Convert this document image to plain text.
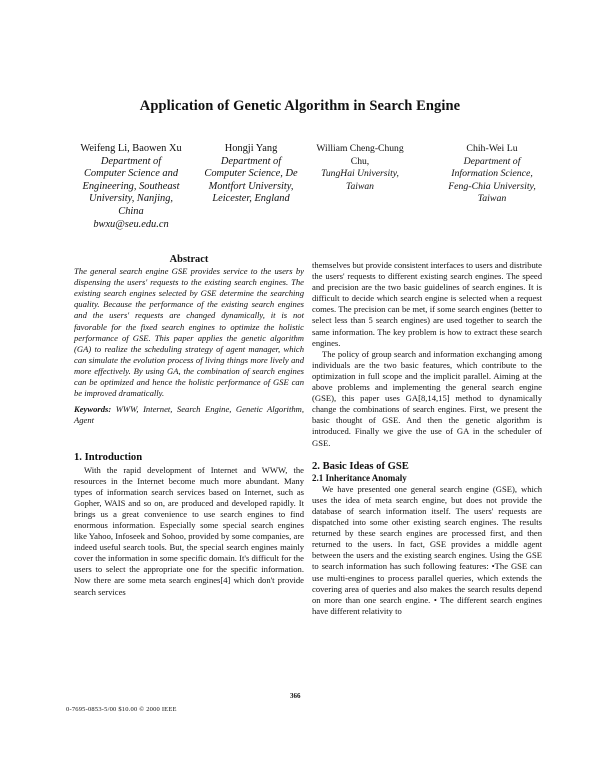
Application of Genetic Algorithm in Search Engine
Weifeng Li, Baowen Xu
Department of
Computer Science and
Engineering, Southeast
University, Nanjing,
China
bwxu@seu.edu.cn
Hongji Yang
Department of
Computer Science, De
Montfort University,
Leicester, England
William Cheng-Chung
Chu,
TungHai University,
Taiwan
Chih-Wei Lu
Department of
Information Science,
Feng-Chia University,
Taiwan
Abstract

The general search engine GSE provides service to the users by dispensing the users' requests to the existing search engines. The existing search engines selected by GSE determine the searching quality. Because the performance of the existing search engines and the users' requests are changed dynamically, it is not favorable for the fixed search engines to optimize the holistic performance of GSE. This paper applies the genetic algorithm (GA) to realize the scheduling strategy of agent manager, which can simulate the evolution process of living things more lively and more effectively. By using GA, the combination of search engines can be optimized and hence the holistic performance of GSE can be improved dramatically.

Keywords: WWW, Internet, Search Engine, Genetic Algorithm, Agent

1. Introduction

With the rapid development of Internet and WWW, the resources in the Internet become much more abundant. Many types of information search services based on Internet, such as Gopher, WAIS and so on, are produced and developed rapidly. It brings us a great convenience to use search engines to find enormous information. Especially some special search engines like Yahoo, Infoseek and Sohoo, provided by some companies, are indeed useful search tools. But, the special search engines mainly cover the information in some specific domain. It's difficult for the users to select the appropriate one for the specific information. Now there are some meta search engines[4] which don't provide search services

themselves but provide consistent interfaces to users and distribute the users' requests to different existing search engines. The speed and precision are the two basic guidelines of search engines. It is difficult to decide which search engine is selected when a request comes. The precision can be met, if some search engines (better to select less than 5 search engines) are used together to search the same information. The key problem is how to extract these search engines.

The policy of group search and information exchanging among individuals are the two basic features, which contribute to the optimization in full scope and the implicit parallel. Aiming at the above problems and implementing the general search engine (GSE), this paper uses GA[8,14,15] method to dynamically change the combinations of search engines. First, we present the basic thought of GSE. And then the genetic algorithm is introduced. Finally we give the use of GA in the scheduler of GSE.

2. Basic Ideas of GSE
2.1 Inheritance Anomaly

We have presented one general search engine (GSE), which uses the idea of meta search engine, but does not provide the database of search information itself. The users' requests are dispatched into some other existing search engines. The results returned by these search engines are processed first, and then returned to the users. In fact, GSE provides a middle agent between the users and the existing search engines. Using the GSE to search information has such following features: •The GSE can use multi-engines to process parallel queries, which extends the covering area of queries and also makes the search results depend on more than one search engine. • The different search engines have different relativity to

366
0-7695-0853-5/00 $10.00 © 2000 IEEE
